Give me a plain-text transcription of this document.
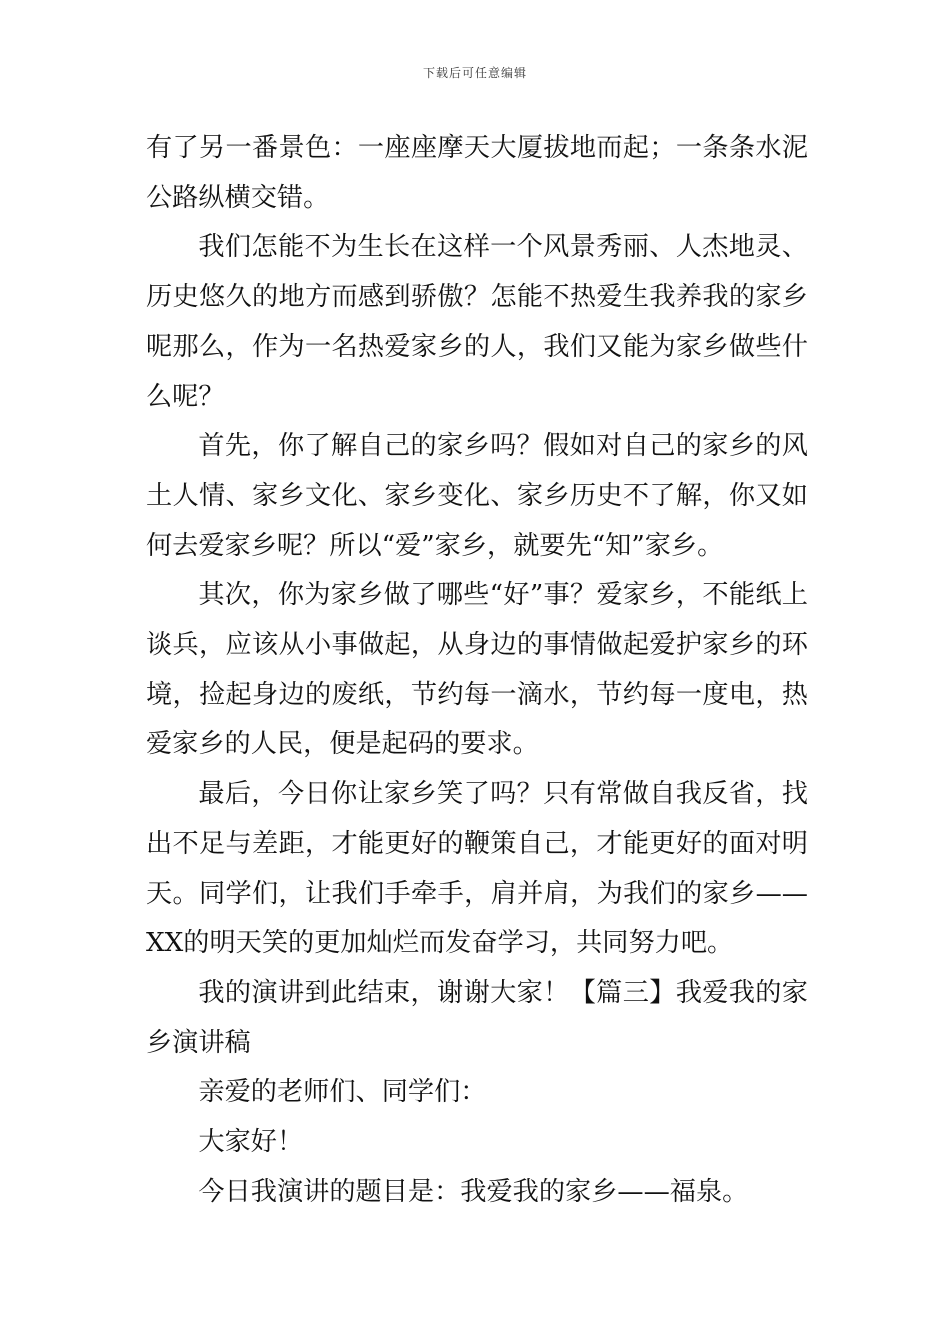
下载后可任意编辑

有了另一番景色：一座座摩天大厦拔地而起；一条条水泥公路纵横交错。

我们怎能不为生长在这样一个风景秀丽、人杰地灵、历史悠久的地方而感到骄傲？怎能不热爱生我养我的家乡呢那么，作为一名热爱家乡的人，我们又能为家乡做些什么呢？

首先，你了解自己的家乡吗？假如对自己的家乡的风土人情、家乡文化、家乡变化、家乡历史不了解，你又如何去爱家乡呢？所以“爱”家乡，就要先“知”家乡。

其次，你为家乡做了哪些“好”事？爱家乡，不能纸上谈兵，应该从小事做起，从身边的事情做起爱护家乡的环境，捡起身边的废纸，节约每一滴水，节约每一度电，热爱家乡的人民，便是起码的要求。

最后，今日你让家乡笑了吗？只有常做自我反省，找出不足与差距，才能更好的鞭策自己，才能更好的面对明天。同学们，让我们手牵手，肩并肩，为我们的家乡——XX的明天笑的更加灿烂而发奋学习，共同努力吧。

我的演讲到此结束，谢谢大家！【篇三】我爱我的家乡演讲稿

亲爱的老师们、同学们：

大家好！

今日我演讲的题目是：我爱我的家乡——福泉。
